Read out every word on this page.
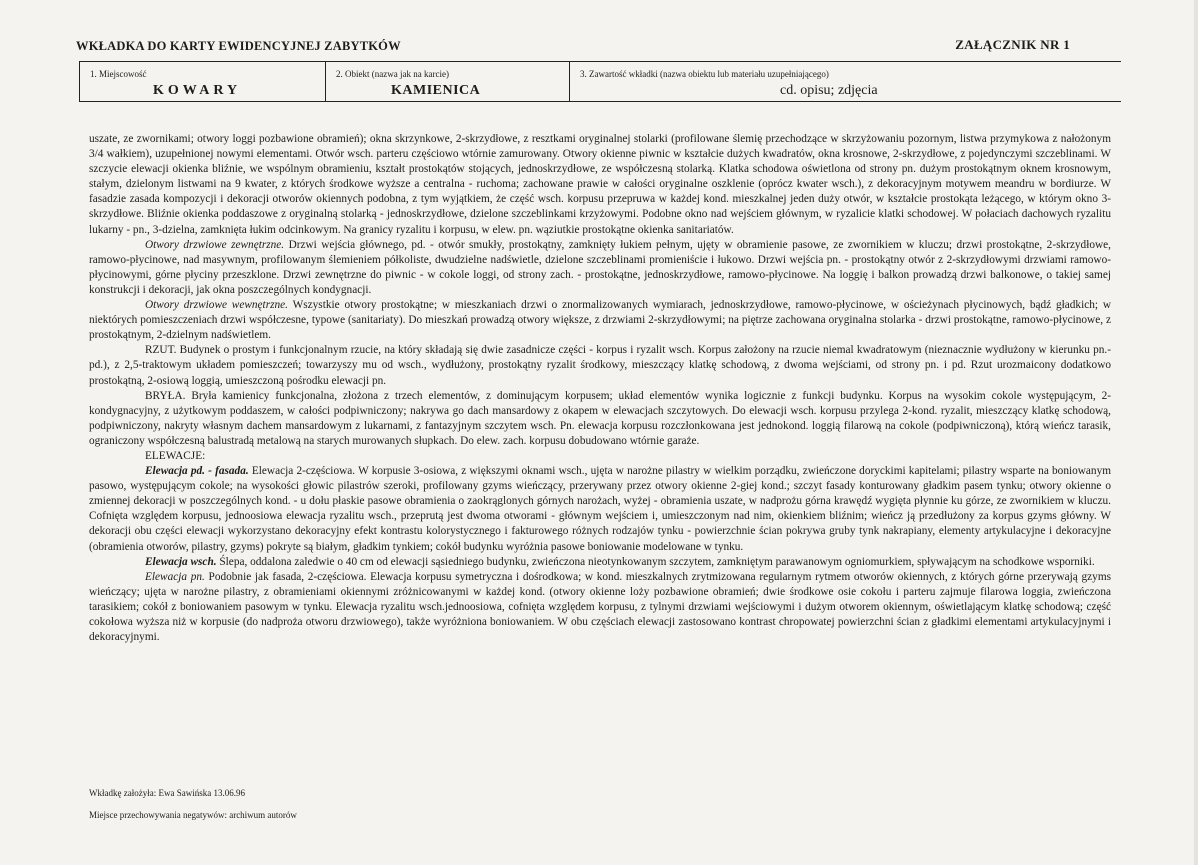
WKŁADKA DO KARTY EWIDENCYJNEJ ZABYTKÓW	ZAŁĄCZNIK NR 1
1. Miejscowość
KOWARY
2. Obiekt (nazwa jak na karcie)
KAMIENICA
3. Zawartość wkładki (nazwa obiektu lub materiału uzupełniającego)
cd. opisu; zdjęcia

uszate, ze zwornikami; otwory loggi pozbawione obramień); okna skrzynkowe, 2-skrzydłowe, z resztkami oryginalnej stolarki (profilowane ślemię przechodzące w skrzyżowaniu pozornym, listwa przymykowa z nałożonym 3/4 wałkiem), uzupełnionej nowymi elementami. Otwór wsch. parteru częściowo wtórnie zamurowany. Otwory okienne piwnic w kształcie dużych kwadratów, okna krosnowe, 2-skrzydłowe, z pojedynczymi szczeblinami. W szczycie elewacji okienka bliźnie, we wspólnym obramieniu, kształt prostokątów stojących, jednoskrzydłowe, ze współczesną stolarką. Klatka schodowa oświetlona od strony pn. dużym prostokątnym oknem krosnowym, stałym, dzielonym listwami na 9 kwater, z których środkowe wyższe a centralna - ruchoma; zachowane prawie w całości oryginalne oszklenie (oprócz kwater wsch.), z dekoracyjnym motywem meandru w bordiurze. W fasadzie zasada kompozycji i dekoracji otworów okiennych podobna, z tym wyjątkiem, że część wsch. korpusu przepruwa w każdej kond. mieszkalnej jeden duży otwór, w kształcie prostokąta leżącego, w którym okno 3-skrzydłowe. Bliźnie okienka poddaszowe z oryginalną stolarką - jednoskrzydłowe, dzielone szczeblinkami krzyżowymi. Podobne okno nad wejściem głównym, w ryzalicie klatki schodowej. W połaciach dachowych ryzalitu lukarny - pn., 3-dzielna, zamknięta łukim odcinkowym. Na granicy ryzalitu i korpusu, w elew. pn. wąziutkie prostokątne okienka sanitariatów.

Otwory drzwiowe zewnętrzne. Drzwi wejścia głównego, pd. - otwór smukły, prostokątny, zamknięty łukiem pełnym, ujęty w obramienie pasowe, ze zwornikiem w kluczu; drzwi prostokątne, 2-skrzydłowe, ramowo-płycinowe, nad masywnym, profilowanym ślemieniem półkoliste, dwudzielne nadświetle, dzielone szczeblinami promieniście i łukowo. Drzwi wejścia pn. - prostokątny otwór z 2-skrzydłowymi drzwiami ramowo-płycinowymi, górne płyciny przeszklone. Drzwi zewnętrzne do piwnic - w cokole loggi, od strony zach. - prostokątne, jednoskrzydłowe, ramowo-płycinowe. Na loggię i balkon prowadzą drzwi balkonowe, o takiej samej konstrukcji i dekoracji, jak okna poszczególnych kondygnacji.

Otwory drzwiowe wewnętrzne. Wszystkie otwory prostokątne; w mieszkaniach drzwi o znormalizowanych wymiarach, jednoskrzydłowe, ramowo-płycinowe, w ościeżynach płycinowych, bądź gładkich; w niektórych pomieszczeniach drzwi współczesne, typowe (sanitariaty). Do mieszkań prowadzą otwory większe, z drzwiami 2-skrzydłowymi; na piętrze zachowana oryginalna stolarka - drzwi prostokątne, ramowo-płycinowe, z prostokątnym, 2-dzielnym nadświetlem.

RZUT. Budynek o prostym i funkcjonalnym rzucie, na który składają się dwie zasadnicze części - korpus i ryzalit wsch. Korpus założony na rzucie niemal kwadratowym (nieznacznie wydłużony w kierunku pn.-pd.), z 2,5-traktowym układem pomieszczeń; towarzyszy mu od wsch., wydłużony, prostokątny ryzalit środkowy, mieszczący klatkę schodową, z dwoma wejściami, od strony pn. i pd. Rzut urozmaicony dodatkowo prostokątną, 2-osiową loggią, umieszczoną pośrodku elewacji pn.

BRYŁA. Bryła kamienicy funkcjonalna, złożona z trzech elementów, z dominującym korpusem; układ elementów wynika logicznie z funkcji budynku. Korpus na wysokim cokole występującym, 2-kondygnacyjny, z użytkowym poddaszem, w całości podpiwniczony; nakrywa go dach mansardowy z okapem w elewacjach szczytowych. Do elewacji wsch. korpusu przylega 2-kond. ryzalit, mieszczący klatkę schodową, podpiwniczony, nakryty własnym dachem mansardowym z lukarnami, z fantazyjnym szczytem wsch. Pn. elewacja korpusu rozczłonkowana jest jednokond. loggią filarową na cokole (podpiwniczoną), którą wieńcz tarasik, ograniczony współczesną balustradą metalową na starych murowanych słupkach. Do elew. zach. korpusu dobudowano wtórnie garaże.

ELEWACJE:

Elewacja pd. - fasada. Elewacja 2-częściowa. W korpusie 3-osiowa, z większymi oknami wsch., ujęta w narożne pilastry w wielkim porządku, zwieńczone doryckimi kapitelami; pilastry wsparte na boniowanym pasowo, występującym cokole; na wysokości głowic pilastrów szeroki, profilowany gzyms wieńczący, przerywany przez otwory okienne 2-giej kond.; szczyt fasady konturowany gładkim pasem tynku; otwory okienne o zmiennej dekoracji w poszczególnych kond. - u dołu płaskie pasowe obramienia o zaokrąglonych górnych narożach, wyżej - obramienia uszate, w nadprożu górna krawędź wygięta płynnie ku górze, ze zwornikiem w kluczu. Cofnięta względem korpusu, jednoosiowa elewacja ryzalitu wsch., przeprutą jest dwoma otworami - głównym wejściem i, umieszczonym nad nim, okienkiem bliźnim; wieńcz ją przedłużony za korpus gzyms główny. W dekoracji obu części elewacji wykorzystano dekoracyjny efekt kontrastu kolorystycznego i fakturowego różnych rodzajów tynku - powierzchnie ścian pokrywa gruby tynk nakrapiany, elementy artykulacyjne i dekoracyjne (obramienia otworów, pilastry, gzyms) pokryte są białym, gładkim tynkiem; cokół budynku wyróżnia pasowe boniowanie modelowane w tynku.

Elewacja wsch. Ślepa, oddalona zaledwie o 40 cm od elewacji sąsiedniego budynku, zwieńczona nieotynkowanym szczytem, zamkniętym parawanowym ogniomurkiem, spływającym na schodkowe wsporniki.

Elewacja pn. Podobnie jak fasada, 2-częściowa. Elewacja korpusu symetryczna i dośrodkowa; w kond. mieszkalnych zrytmizowana regularnym rytmem otworów okiennych, z których górne przerywają gzyms wieńczący; ujęta w narożne pilastry, z obramieniami okiennymi zróżnicowanymi w każdej kond. (otwory okienne loży pozbawione obramień; dwie środkowe osie cokołu i parteru zajmuje filarowa loggia, zwieńczona tarasikiem; cokół z boniowaniem pasowym w tynku. Elewacja ryzalitu wsch.jednoosiowa, cofnięta względem korpusu, z tylnymi drzwiami wejściowymi i dużym otworem okiennym, oświetlającym klatkę schodową; część cokołowa wyższa niż w korpusie (do nadproża otworu drzwiowego), także wyróżniona boniowaniem. W obu częściach elewacji zastosowano kontrast chropowatej powierzchni ścian z gładkimi elementami artykulacyjnymi i dekoracyjnymi.

Wkładkę założyła: Ewa Sawińska 13.06.96
Miejsce przechowywania negatywów: archiwum autorów
